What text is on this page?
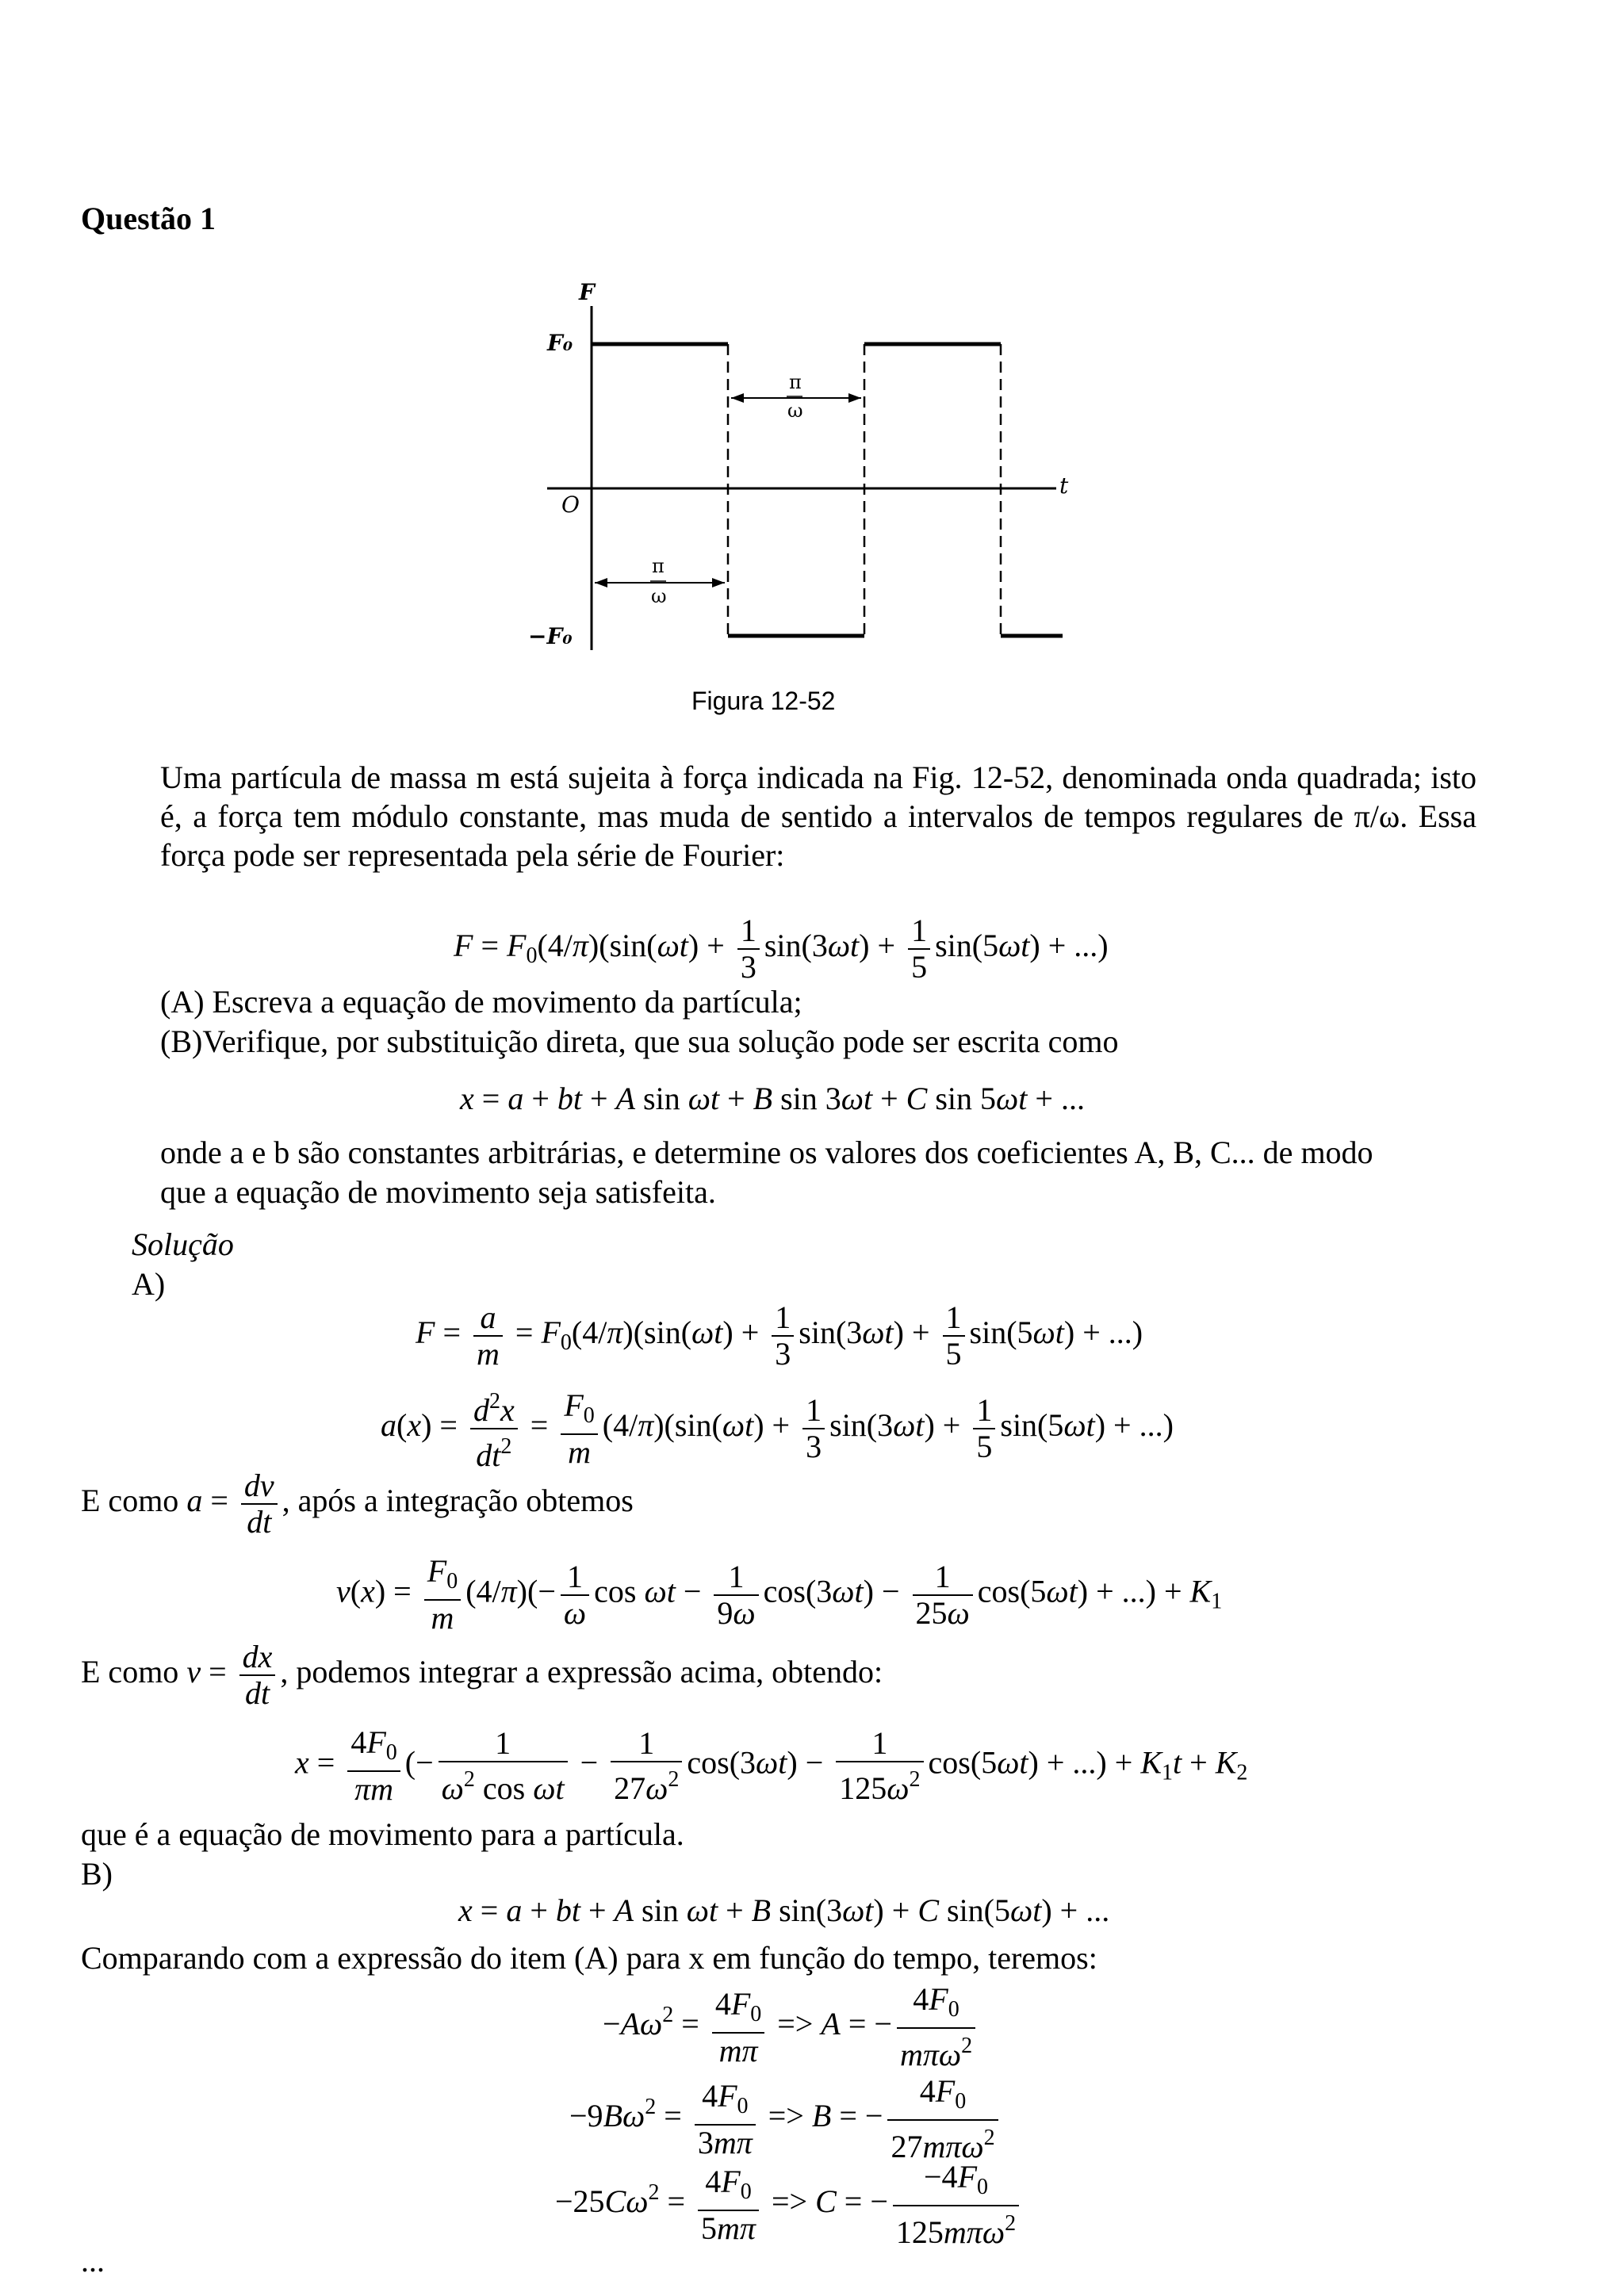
Questão 1
F
F₀
O
t
−F₀
π
ω
π
ω
Figura 12-52
Uma partícula de massa m está sujeita à força indicada na Fig. 12-52, denominada onda quadrada; isto é, a força tem módulo constante, mas muda de sentido a intervalos de tempos regulares de π/ω. Essa força pode ser representada pela série de Fourier:
$F = F_0(4/\pi)(\sin(\omega t) + \frac{1}{3} \sin(3\omega t) + \frac{1}{5} \sin(5\omega t)$ + ...)
(A) Escreva a equação de movimento da partícula;
(B)Verifique, por substituição direta, que sua solução pode ser escrita como
x = a + bt + A sin ωt + B sin 3ωt + C sin 5ωt + ...
onde a e b são constantes arbitrárias, e determine os valores dos coeficientes A, B, C... de modo
que a equação de movimento seja satisfeita.
Solução
A)
$F = \frac{a}{m} = F_0(4/\pi)(\sin(\omega t) + \frac{1}{3} \sin(3\omega t) + \frac{1}{5} \sin(5\omega t)$ + ...)
$a(x) = \frac{d^2x}{dt^2} = \frac{F_0}{m} (4/\pi)(\sin(\omega t) + \frac{1}{3} \sin(3\omega t) + \frac{1}{5} \sin(5\omega t)$ + ...)
E como $a = \frac{dv}{dt}$ , após a integração obtemos
$v(x) = \frac{F_0}{m} (4/\pi)(- \frac{1}{\omega}$ $\cos \omega t - \frac{1}{9\omega} \cos(3\omega t) - \frac{1}{25\omega} \cos(5\omega t)$ + ...) + $K_1$
E como $v = \frac{dx}{dt}$ , podemos integrar a expressão acima, obtendo:
$x = \frac{4F_0}{\pi m}$ (− $\frac{1}{\omega^2 \cos \omega t} - \frac{1}{27\omega^2} \cos(3\omega t) - \frac{1}{125\omega^2} \cos(5\omega t)$ + ...) + $K_1t + K_2$
que é a equação de movimento para a partícula.
B)
x = a + bt + A sin ωt + B sin(3ωt) + C sin(5ωt) + ...
Comparando com a expressão do item (A) para x em função do tempo, teremos:
$-A\omega^2 = \frac{4F_0}{m\pi} => A$ = − $\frac{4F_0}{m\pi\omega^2}$
$-9B\omega^2 = \frac{4F_0}{3m\pi} => B$ = − $\frac{4F_0}{27m\pi\omega^2}$
$-25C\omega^2 = \frac{4F_0}{5m\pi} => C$ = − $\frac{-4F_0}{125m\pi\omega^2}$
...
